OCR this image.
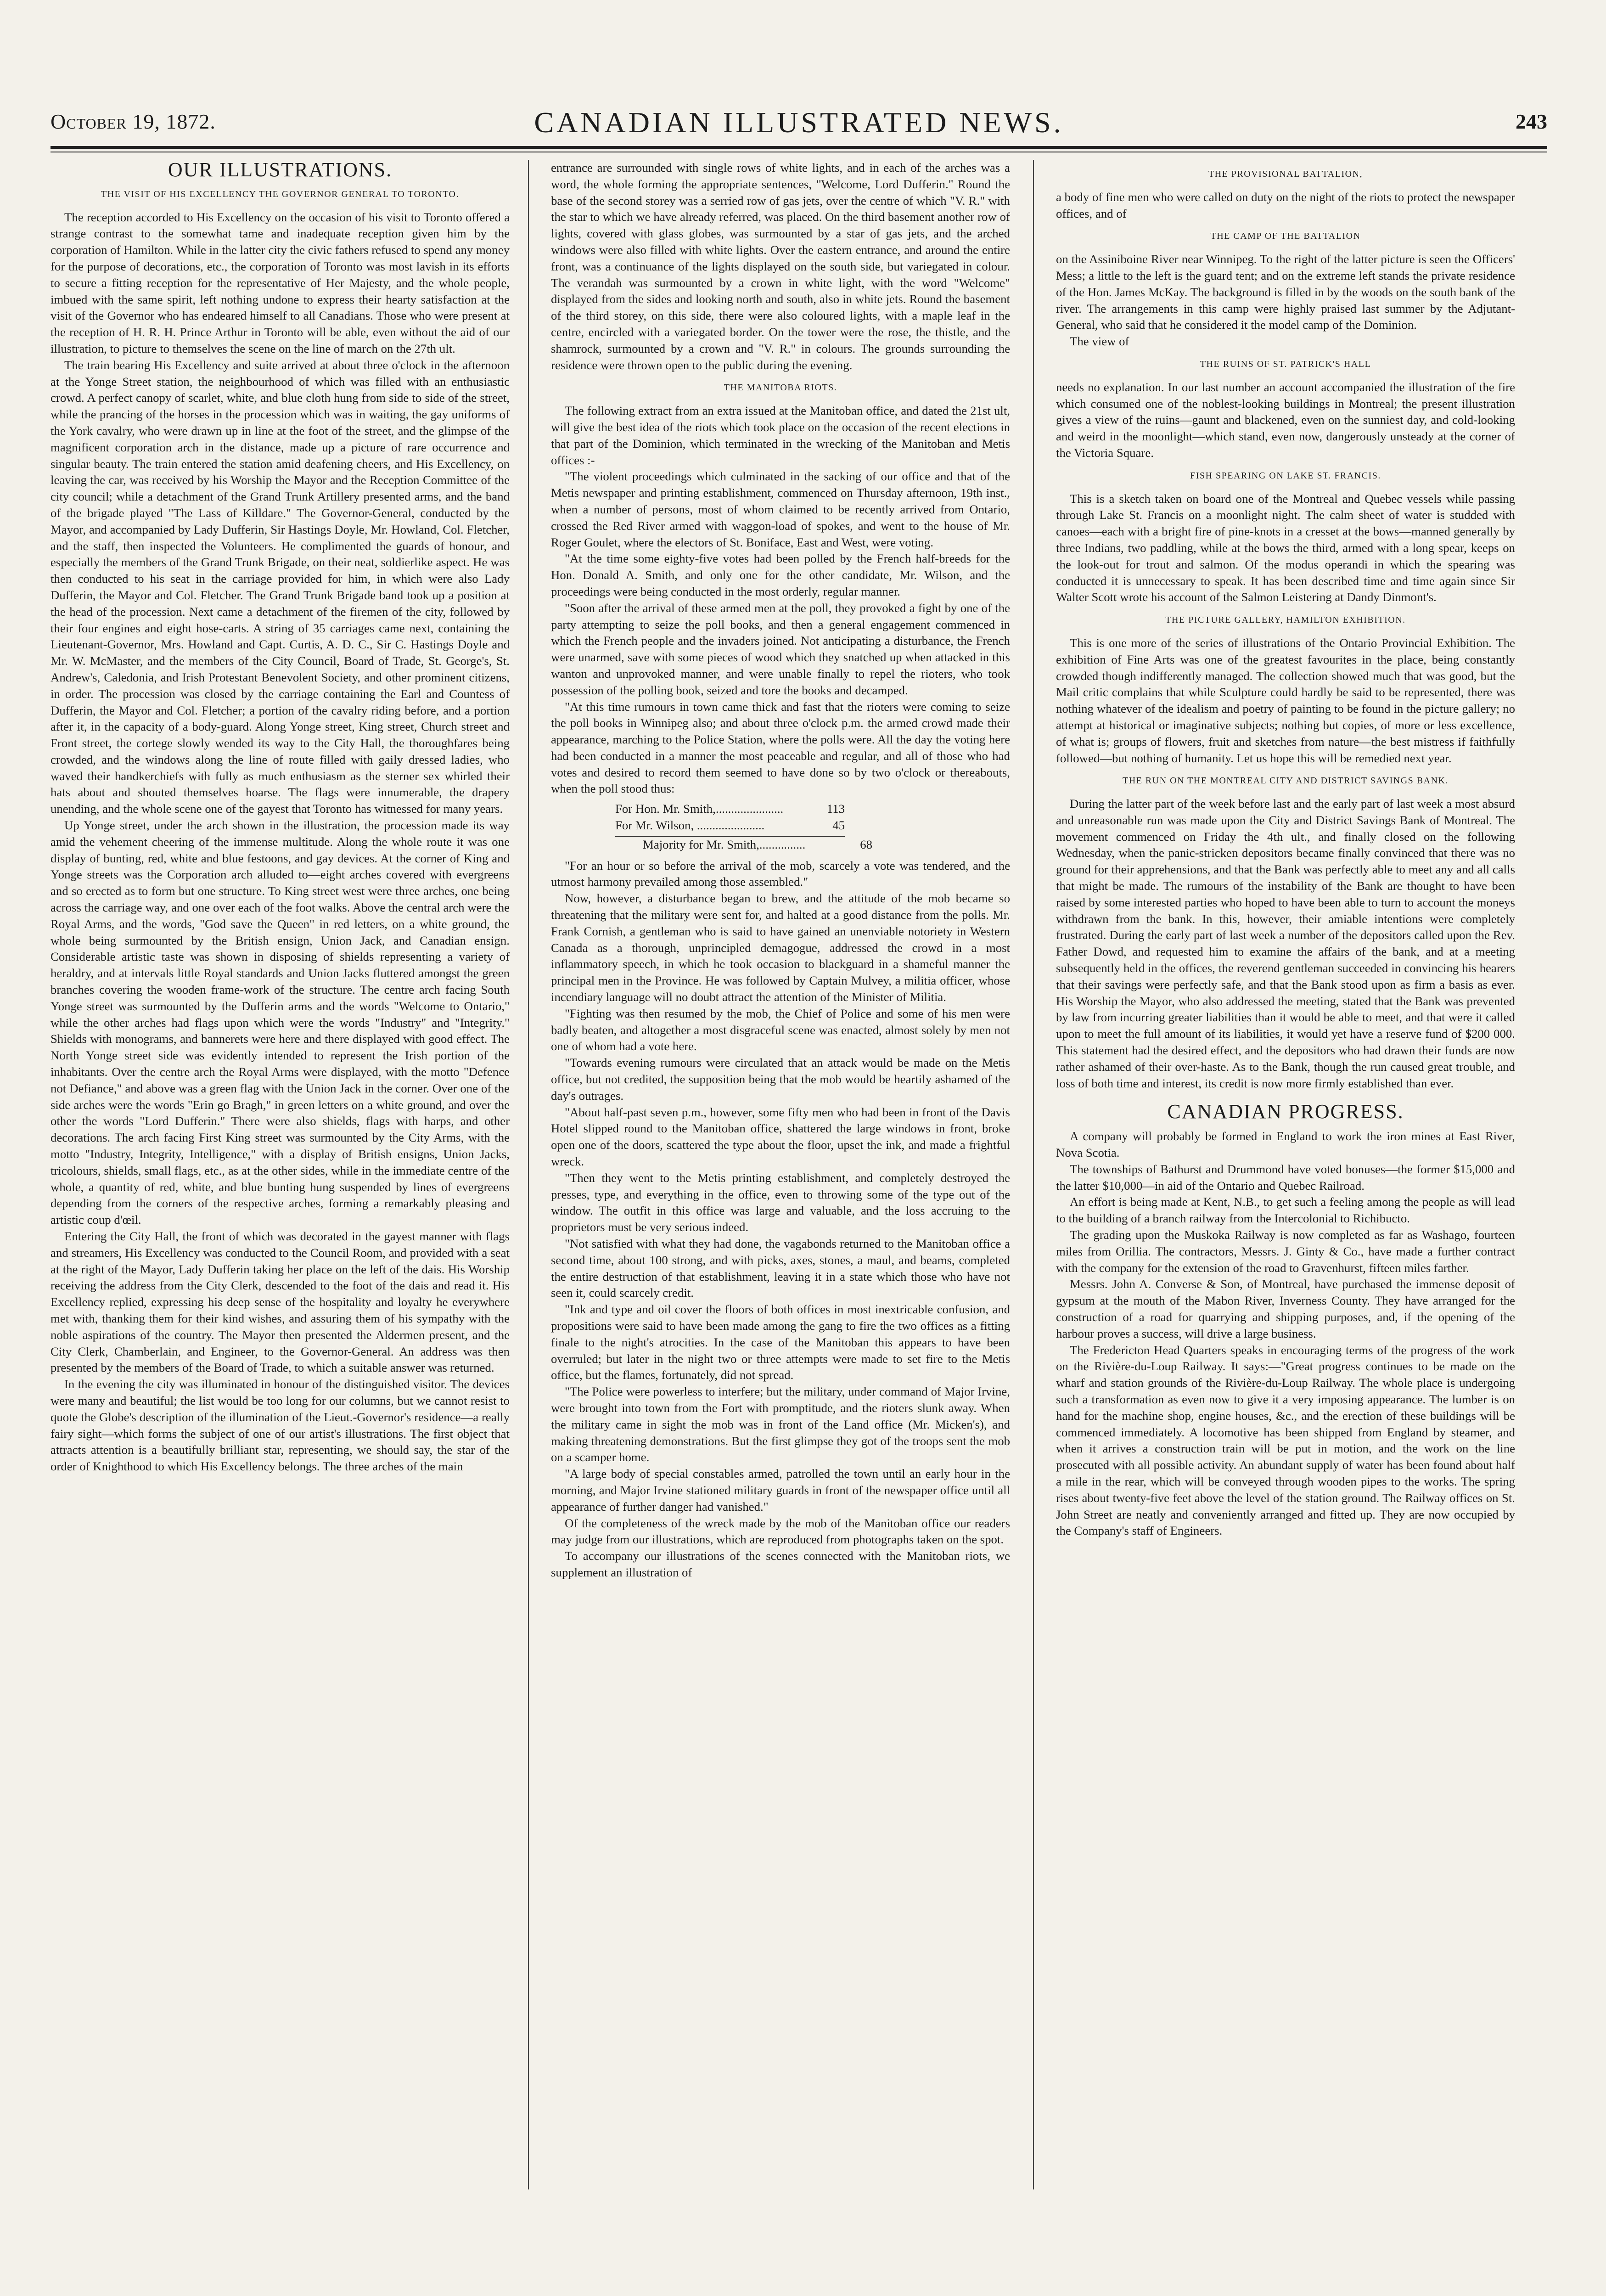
October 19, 1872.	CANADIAN ILLUSTRATED NEWS.	243
OUR ILLUSTRATIONS.
THE VISIT OF HIS EXCELLENCY THE GOVERNOR GENERAL TO TORONTO.

The reception accorded to His Excellency on the occasion of his visit to Toronto offered a strange contrast to the somewhat tame and inadequate reception given him by the corporation of Hamilton. While in the latter city the civic fathers refused to spend any money for the purpose of decorations, etc., the corporation of Toronto was most lavish in its efforts to secure a fitting reception for the representative of Her Majesty, and the whole people, imbued with the same spirit, left nothing undone to express their hearty satisfaction at the visit of the Governor who has endeared himself to all Canadians. Those who were present at the reception of H. R. H. Prince Arthur in Toronto will be able, even without the aid of our illustration, to picture to themselves the scene on the line of march on the 27th ult.

The train bearing His Excellency and suite arrived at about three o'clock in the afternoon at the Yonge Street station, the neighbourhood of which was filled with an enthusiastic crowd. A perfect canopy of scarlet, white, and blue cloth hung from side to side of the street, while the prancing of the horses in the procession which was in waiting, the gay uniforms of the York cavalry, who were drawn up in line at the foot of the street, and the glimpse of the magnificent corporation arch in the distance, made up a picture of rare occurrence and singular beauty. The train entered the station amid deafening cheers, and His Excellency, on leaving the car, was received by his Worship the Mayor and the Reception Committee of the city council; while a detachment of the Grand Trunk Artillery presented arms, and the band of the brigade played "The Lass of Killdare." The Governor-General, conducted by the Mayor, and accompanied by Lady Dufferin, Sir Hastings Doyle, Mr. Howland, Col. Fletcher, and the staff, then inspected the Volunteers. He complimented the guards of honour, and especially the members of the Grand Trunk Brigade, on their neat, soldierlike aspect. He was then conducted to his seat in the carriage provided for him, in which were also Lady Dufferin, the Mayor and Col. Fletcher. The Grand Trunk Brigade band took up a position at the head of the procession. Next came a detachment of the firemen of the city, followed by their four engines and eight hose-carts. A string of 35 carriages came next, containing the Lieutenant-Governor, Mrs. Howland and Capt. Curtis, A. D. C., Sir C. Hastings Doyle and Mr. W. McMaster, and the members of the City Council, Board of Trade, St. George's, St. Andrew's, Caledonia, and Irish Protestant Benevolent Society, and other prominent citizens, in order. The procession was closed by the carriage containing the Earl and Countess of Dufferin, the Mayor and Col. Fletcher; a portion of the cavalry riding before, and a portion after it, in the capacity of a body-guard. Along Yonge street, King street, Church street and Front street, the cortege slowly wended its way to the City Hall, the thoroughfares being crowded, and the windows along the line of route filled with gaily dressed ladies, who waved their handkerchiefs with fully as much enthusiasm as the sterner sex whirled their hats about and shouted themselves hoarse. The flags were innumerable, the drapery unending, and the whole scene one of the gayest that Toronto has witnessed for many years.

Up Yonge street, under the arch shown in the illustration, the procession made its way amid the vehement cheering of the immense multitude. Along the whole route it was one display of bunting, red, white and blue festoons, and gay devices. At the corner of King and Yonge streets was the Corporation arch alluded to—eight arches covered with evergreens and so erected as to form but one structure. To King street west were three arches, one being across the carriage way, and one over each of the foot walks. Above the central arch were the Royal Arms, and the words, "God save the Queen" in red letters, on a white ground, the whole being surmounted by the British ensign, Union Jack, and Canadian ensign. Considerable artistic taste was shown in disposing of shields representing a variety of heraldry, and at intervals little Royal standards and Union Jacks fluttered amongst the green branches covering the wooden frame-work of the structure. The centre arch facing South Yonge street was surmounted by the Dufferin arms and the words "Welcome to Ontario," while the other arches had flags upon which were the words "Industry" and "Integrity." Shields with monograms, and bannerets were here and there displayed with good effect. The North Yonge street side was evidently intended to represent the Irish portion of the inhabitants. Over the centre arch the Royal Arms were displayed, with the motto "Defence not Defiance," and above was a green flag with the Union Jack in the corner. Over one of the side arches were the words "Erin go Bragh," in green letters on a white ground, and over the other the words "Lord Dufferin." There were also shields, flags with harps, and other decorations. The arch facing First King street was surmounted by the City Arms, with the motto "Industry, Integrity, Intelligence," with a display of British ensigns, Union Jacks, tricolours, shields, small flags, etc., as at the other sides, while in the immediate centre of the whole, a quantity of red, white, and blue bunting hung suspended by lines of evergreens depending from the corners of the respective arches, forming a remarkably pleasing and artistic coup d'œil.

Entering the City Hall, the front of which was decorated in the gayest manner with flags and streamers, His Excellency was conducted to the Council Room, and provided with a seat at the right of the Mayor, Lady Dufferin taking her place on the left of the dais. His Worship receiving the address from the City Clerk, descended to the foot of the dais and read it. His Excellency replied, expressing his deep sense of the hospitality and loyalty he everywhere met with, thanking them for their kind wishes, and assuring them of his sympathy with the noble aspirations of the country. The Mayor then presented the Aldermen present, and the City Clerk, Chamberlain, and Engineer, to the Governor-General. An address was then presented by the members of the Board of Trade, to which a suitable answer was returned.

In the evening the city was illuminated in honour of the distinguished visitor. The devices were many and beautiful; the list would be too long for our columns, but we cannot resist to quote the Globe's description of the illumination of the Lieut.-Governor's residence—a really fairy sight—which forms the subject of one of our artist's illustrations. The first object that attracts attention is a beautifully brilliant star, representing, we should say, the star of the order of Knighthood to which His Excellency belongs. The three arches of the main

entrance are surrounded with single rows of white lights, and in each of the arches was a word, the whole forming the appropriate sentences, "Welcome, Lord Dufferin." Round the base of the second storey was a serried row of gas jets, over the centre of which "V. R." with the star to which we have already referred, was placed. On the third basement another row of lights, covered with glass globes, was surmounted by a star of gas jets, and the arched windows were also filled with white lights. Over the eastern entrance, and around the entire front, was a continuance of the lights displayed on the south side, but variegated in colour. The verandah was surmounted by a crown in white light, with the word "Welcome" displayed from the sides and looking north and south, also in white jets. Round the basement of the third storey, on this side, there were also coloured lights, with a maple leaf in the centre, encircled with a variegated border. On the tower were the rose, the thistle, and the shamrock, surmounted by a crown and "V. R." in colours. The grounds surrounding the residence were thrown open to the public during the evening.

THE MANITOBA RIOTS.

The following extract from an extra issued at the Manitoban office, and dated the 21st ult, will give the best idea of the riots which took place on the occasion of the recent elections in that part of the Dominion, which terminated in the wrecking of the Manitoban and Metis offices :-

"The violent proceedings which culminated in the sacking of our office and that of the Metis newspaper and printing establishment, commenced on Thursday afternoon, 19th inst., when a number of persons, most of whom claimed to be recently arrived from Ontario, crossed the Red River armed with waggon-load of spokes, and went to the house of Mr. Roger Goulet, where the electors of St. Boniface, East and West, were voting.

"At the time some eighty-five votes had been polled by the French half-breeds for the Hon. Donald A. Smith, and only one for the other candidate, Mr. Wilson, and the proceedings were being conducted in the most orderly, regular manner.

"Soon after the arrival of these armed men at the poll, they provoked a fight by one of the party attempting to seize the poll books, and then a general engagement commenced in which the French people and the invaders joined. Not anticipating a disturbance, the French were unarmed, save with some pieces of wood which they snatched up when attacked in this wanton and unprovoked manner, and were unable finally to repel the rioters, who took possession of the polling book, seized and tore the books and decamped.

"At this time rumours in town came thick and fast that the rioters were coming to seize the poll books in Winnipeg also; and about three o'clock p.m. the armed crowd made their appearance, marching to the Police Station, where the polls were. All the day the voting here had been conducted in a manner the most peaceable and regular, and all of those who had votes and desired to record them seemed to have done so by two o'clock or thereabouts, when the poll stood thus:

For Hon. Mr. Smith,......................	113
For Mr. Wilson, ......................	45
Majority for Mr. Smith,...............	68

"For an hour or so before the arrival of the mob, scarcely a vote was tendered, and the utmost harmony prevailed among those assembled."

Now, however, a disturbance began to brew, and the attitude of the mob became so threatening that the military were sent for, and halted at a good distance from the polls. Mr. Frank Cornish, a gentleman who is said to have gained an unenviable notoriety in Western Canada as a thorough, unprincipled demagogue, addressed the crowd in a most inflammatory speech, in which he took occasion to blackguard in a shameful manner the principal men in the Province. He was followed by Captain Mulvey, a militia officer, whose incendiary language will no doubt attract the attention of the Minister of Militia.

"Fighting was then resumed by the mob, the Chief of Police and some of his men were badly beaten, and altogether a most disgraceful scene was enacted, almost solely by men not one of whom had a vote here.

"Towards evening rumours were circulated that an attack would be made on the Metis office, but not credited, the supposition being that the mob would be heartily ashamed of the day's outrages.

"About half-past seven p.m., however, some fifty men who had been in front of the Davis Hotel slipped round to the Manitoban office, shattered the large windows in front, broke open one of the doors, scattered the type about the floor, upset the ink, and made a frightful wreck.

"Then they went to the Metis printing establishment, and completely destroyed the presses, type, and everything in the office, even to throwing some of the type out of the window. The outfit in this office was large and valuable, and the loss accruing to the proprietors must be very serious indeed.

"Not satisfied with what they had done, the vagabonds returned to the Manitoban office a second time, about 100 strong, and with picks, axes, stones, a maul, and beams, completed the entire destruction of that establishment, leaving it in a state which those who have not seen it, could scarcely credit.

"Ink and type and oil cover the floors of both offices in most inextricable confusion, and propositions were said to have been made among the gang to fire the two offices as a fitting finale to the night's atrocities. In the case of the Manitoban this appears to have been overruled; but later in the night two or three attempts were made to set fire to the Metis office, but the flames, fortunately, did not spread.

"The Police were powerless to interfere; but the military, under command of Major Irvine, were brought into town from the Fort with promptitude, and the rioters slunk away. When the military came in sight the mob was in front of the Land office (Mr. Micken's), and making threatening demonstrations. But the first glimpse they got of the troops sent the mob on a scamper home.

"A large body of special constables armed, patrolled the town until an early hour in the morning, and Major Irvine stationed military guards in front of the newspaper office until all appearance of further danger had vanished."

Of the completeness of the wreck made by the mob of the Manitoban office our readers may judge from our illustrations, which are reproduced from photographs taken on the spot.

To accompany our illustrations of the scenes connected with the Manitoban riots, we supplement an illustration of

THE PROVISIONAL BATTALION,

a body of fine men who were called on duty on the night of the riots to protect the newspaper offices, and of

THE CAMP OF THE BATTALION

on the Assiniboine River near Winnipeg. To the right of the latter picture is seen the Officers' Mess; a little to the left is the guard tent; and on the extreme left stands the private residence of the Hon. James McKay. The background is filled in by the woods on the south bank of the river. The arrangements in this camp were highly praised last summer by the Adjutant-General, who said that he considered it the model camp of the Dominion.

The view of

THE RUINS OF ST. PATRICK'S HALL

needs no explanation. In our last number an account accompanied the illustration of the fire which consumed one of the noblest-looking buildings in Montreal; the present illustration gives a view of the ruins—gaunt and blackened, even on the sunniest day, and cold-looking and weird in the moonlight—which stand, even now, dangerously unsteady at the corner of the Victoria Square.

FISH SPEARING ON LAKE ST. FRANCIS.

This is a sketch taken on board one of the Montreal and Quebec vessels while passing through Lake St. Francis on a moonlight night. The calm sheet of water is studded with canoes—each with a bright fire of pine-knots in a cresset at the bows—manned generally by three Indians, two paddling, while at the bows the third, armed with a long spear, keeps on the look-out for trout and salmon. Of the modus operandi in which the spearing was conducted it is unnecessary to speak. It has been described time and time again since Sir Walter Scott wrote his account of the Salmon Leistering at Dandy Dinmont's.

THE PICTURE GALLERY, HAMILTON EXHIBITION.

This is one more of the series of illustrations of the Ontario Provincial Exhibition. The exhibition of Fine Arts was one of the greatest favourites in the place, being constantly crowded though indifferently managed. The collection showed much that was good, but the Mail critic complains that while Sculpture could hardly be said to be represented, there was nothing whatever of the idealism and poetry of painting to be found in the picture gallery; no attempt at historical or imaginative subjects; nothing but copies, of more or less excellence, of what is; groups of flowers, fruit and sketches from nature—the best mistress if faithfully followed—but nothing of humanity. Let us hope this will be remedied next year.

THE RUN ON THE MONTREAL CITY AND DISTRICT SAVINGS BANK.

During the latter part of the week before last and the early part of last week a most absurd and unreasonable run was made upon the City and District Savings Bank of Montreal. The movement commenced on Friday the 4th ult., and finally closed on the following Wednesday, when the panic-stricken depositors became finally convinced that there was no ground for their apprehensions, and that the Bank was perfectly able to meet any and all calls that might be made. The rumours of the instability of the Bank are thought to have been raised by some interested parties who hoped to have been able to turn to account the moneys withdrawn from the bank. In this, however, their amiable intentions were completely frustrated. During the early part of last week a number of the depositors called upon the Rev. Father Dowd, and requested him to examine the affairs of the bank, and at a meeting subsequently held in the offices, the reverend gentleman succeeded in convincing his hearers that their savings were perfectly safe, and that the Bank stood upon as firm a basis as ever. His Worship the Mayor, who also addressed the meeting, stated that the Bank was prevented by law from incurring greater liabilities than it would be able to meet, and that were it called upon to meet the full amount of its liabilities, it would yet have a reserve fund of $200 000. This statement had the desired effect, and the depositors who had drawn their funds are now rather ashamed of their over-haste. As to the Bank, though the run caused great trouble, and loss of both time and interest, its credit is now more firmly established than ever.

CANADIAN PROGRESS.

A company will probably be formed in England to work the iron mines at East River, Nova Scotia.

The townships of Bathurst and Drummond have voted bonuses—the former $15,000 and the latter $10,000—in aid of the Ontario and Quebec Railroad.

An effort is being made at Kent, N.B., to get such a feeling among the people as will lead to the building of a branch railway from the Intercolonial to Richibucto.

The grading upon the Muskoka Railway is now completed as far as Washago, fourteen miles from Orillia. The contractors, Messrs. J. Ginty & Co., have made a further contract with the company for the extension of the road to Gravenhurst, fifteen miles farther.

Messrs. John A. Converse & Son, of Montreal, have purchased the immense deposit of gypsum at the mouth of the Mabon River, Inverness County. They have arranged for the construction of a road for quarrying and shipping purposes, and, if the opening of the harbour proves a success, will drive a large business.

The Fredericton Head Quarters speaks in encouraging terms of the progress of the work on the Rivière-du-Loup Railway. It says:—"Great progress continues to be made on the wharf and station grounds of the Rivière-du-Loup Railway. The whole place is undergoing such a transformation as even now to give it a very imposing appearance. The lumber is on hand for the machine shop, engine houses, &c., and the erection of these buildings will be commenced immediately. A locomotive has been shipped from England by steamer, and when it arrives a construction train will be put in motion, and the work on the line prosecuted with all possible activity. An abundant supply of water has been found about half a mile in the rear, which will be conveyed through wooden pipes to the works. The spring rises about twenty-five feet above the level of the station ground. The Railway offices on St. John Street are neatly and conveniently arranged and fitted up. They are now occupied by the Company's staff of Engineers.
